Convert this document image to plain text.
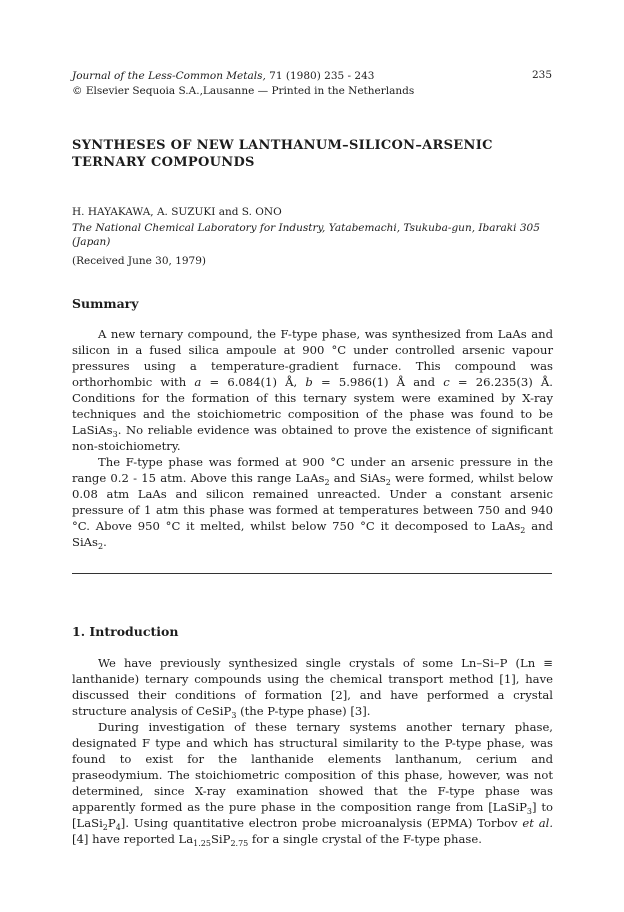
Journal of the Less-Common Metals, 71 (1980) 235 - 243	235
© Elsevier Sequoia S.A.,Lausanne — Printed in the Netherlands
SYNTHESES OF NEW LANTHANUM–SILICON–ARSENIC TERNARY COMPOUNDS
H. HAYAKAWA, A. SUZUKI and S. ONO
The National Chemical Laboratory for Industry, Yatabemachi, Tsukuba-gun, Ibaraki 305 (Japan)
(Received June 30, 1979)
Summary

A new ternary compound, the F-type phase, was synthesized from LaAs and silicon in a fused silica ampoule at 900 °C under controlled arsenic vapour pressures using a temperature-gradient furnace. This compound was orthorhombic with a = 6.084(1) Å, b = 5.986(1) Å and c = 26.235(3) Å. Conditions for the formation of this ternary system were examined by X-ray techniques and the stoichiometric composition of the phase was found to be LaSiAs$_3$. No reliable evidence was obtained to prove the existence of significant non-stoichiometry.

The F-type phase was formed at 900 °C under an arsenic pressure in the range 0.2 - 15 atm. Above this range LaAs$_2$ and SiAs$_2$ were formed, whilst below 0.08 atm LaAs and silicon remained unreacted. Under a constant arsenic pressure of 1 atm this phase was formed at temperatures between 750 and 940 °C. Above 950 °C it melted, whilst below 750 °C it decomposed to LaAs$_2$ and SiAs$_2$.

1. Introduction

We have previously synthesized single crystals of some Ln–Si–P (Ln ≡ lanthanide) ternary compounds using the chemical transport method [1], have discussed their conditions of formation [2], and have performed a crystal structure analysis of CeSiP$_3$ (the P-type phase) [3].

During investigation of these ternary systems another ternary phase, designated F type and which has structural similarity to the P-type phase, was found to exist for the lanthanide elements lanthanum, cerium and praseodymium. The stoichiometric composition of this phase, however, was not determined, since X-ray examination showed that the F-type phase was apparently formed as the pure phase in the composition range from [LaSiP$_3$] to $[LaSi_2P_4]$. Using quantitative electron probe microanalysis (EPMA) Torbov et al. [4] have reported $La_{1.25}SiP_{2.75}$ for a single crystal of the F-type phase.
